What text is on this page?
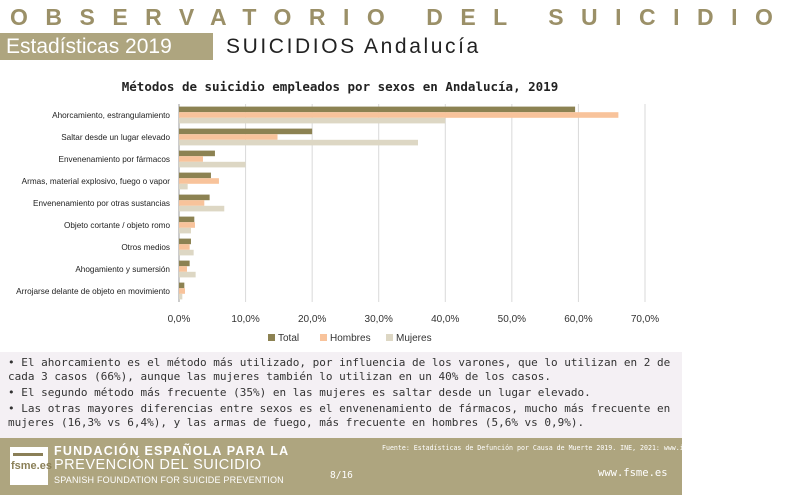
OBSERVATORIO DEL SUICIDIO
Estadísticas 2019	SUICIDIOS Andalucía
Métodos de suicidio empleados por sexos en Andalucía, 2019
Ahorcamiento, estrangulamiento
Saltar desde un lugar elevado
Envenenamiento por fármacos
Armas, material explosivo, fuego o vapor
Envenenamiento por otras sustancias
Objeto cortante / objeto romo
Otros medios
Ahogamiento y sumersión
Arrojarse delante de objeto en movimiento
0,0%	10,0%	20,0%	30,0%	40,0%	50,0%	60,0%	70,0%
Total	Hombres	Mujeres
• El ahorcamiento es el método más utilizado, por influencia de los varones, que lo utilizan en 2 de cada 3 casos (66%), aunque las mujeres también lo utilizan en un 40% de los casos.
• El segundo método más frecuente (35%) en las mujeres es saltar desde un lugar elevado.
• Las otras mayores diferencias entre sexos es el envenenamiento de fármacos, mucho más frecuente en mujeres (16,3% vs 6,4%), y las armas de fuego, más frecuente en hombres (5,6% vs 0,9%).
fsme.es
FUNDACIÓN ESPAÑOLA PARA LA
PREVENCIÓN DEL SUICIDIO
SPANISH FOUNDATION FOR SUICIDE PREVENTION
Fuente: Estadísticas de Defunción por Causa de Muerte 2019. INE, 2021: www.ine.es.
8/16	www.fsme.es
